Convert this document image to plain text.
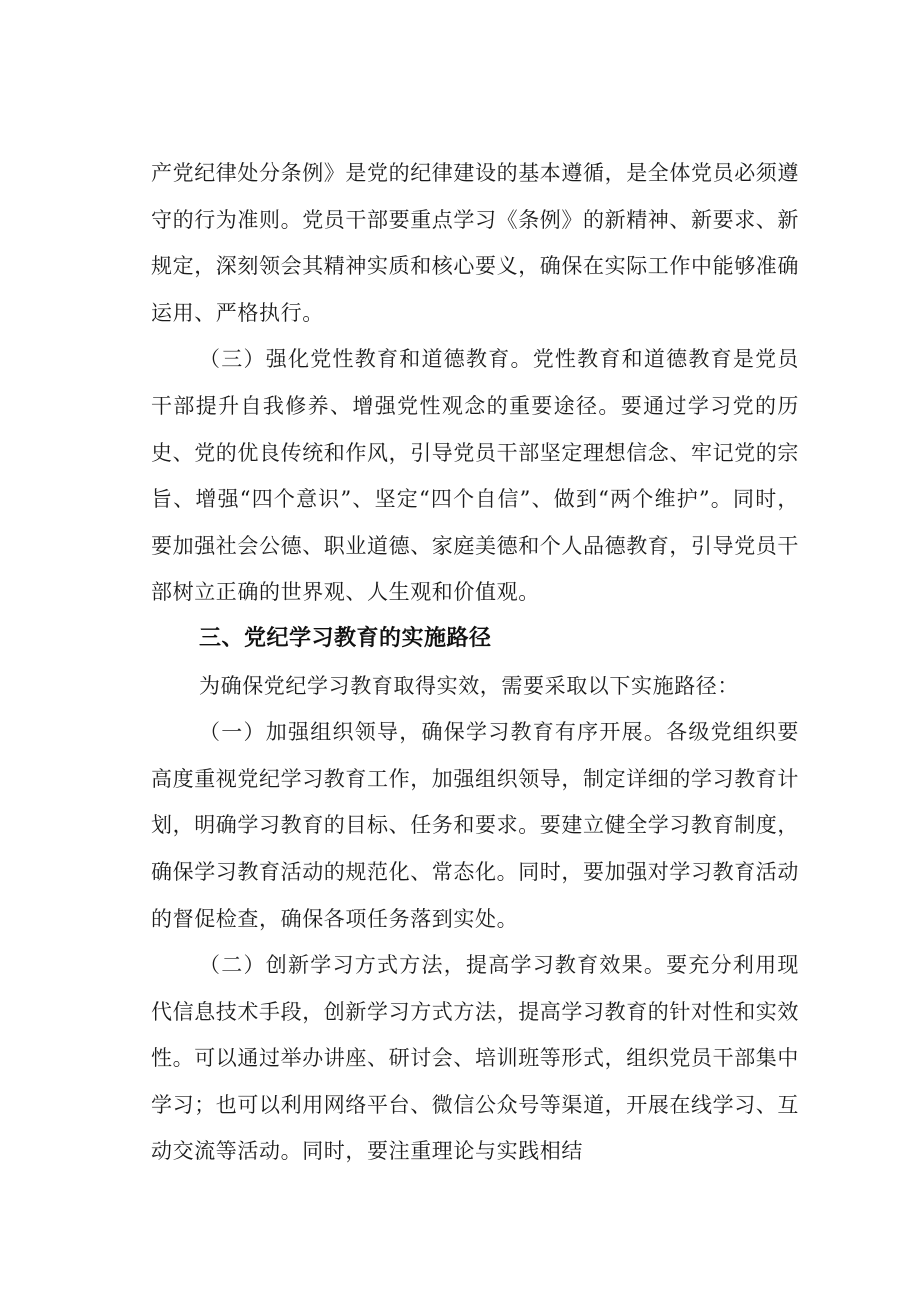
产党纪律处分条例》是党的纪律建设的基本遵循，是全体党员必须遵守的行为准则。党员干部要重点学习《条例》的新精神、新要求、新规定，深刻领会其精神实质和核心要义，确保在实际工作中能够准确运用、严格执行。

（三）强化党性教育和道德教育。党性教育和道德教育是党员干部提升自我修养、增强党性观念的重要途径。要通过学习党的历史、党的优良传统和作风，引导党员干部坚定理想信念、牢记党的宗旨、增强“四个意识”、坚定“四个自信”、做到“两个维护”。同时，要加强社会公德、职业道德、家庭美德和个人品德教育，引导党员干部树立正确的世界观、人生观和价值观。

三、党纪学习教育的实施路径

为确保党纪学习教育取得实效，需要采取以下实施路径：

（一）加强组织领导，确保学习教育有序开展。各级党组织要高度重视党纪学习教育工作，加强组织领导，制定详细的学习教育计划，明确学习教育的目标、任务和要求。要建立健全学习教育制度，确保学习教育活动的规范化、常态化。同时，要加强对学习教育活动的督促检查，确保各项任务落到实处。

（二）创新学习方式方法，提高学习教育效果。要充分利用现代信息技术手段，创新学习方式方法，提高学习教育的针对性和实效性。可以通过举办讲座、研讨会、培训班等形式，组织党员干部集中学习；也可以利用网络平台、微信公众号等渠道，开展在线学习、互动交流等活动。同时，要注重理论与实践相结
